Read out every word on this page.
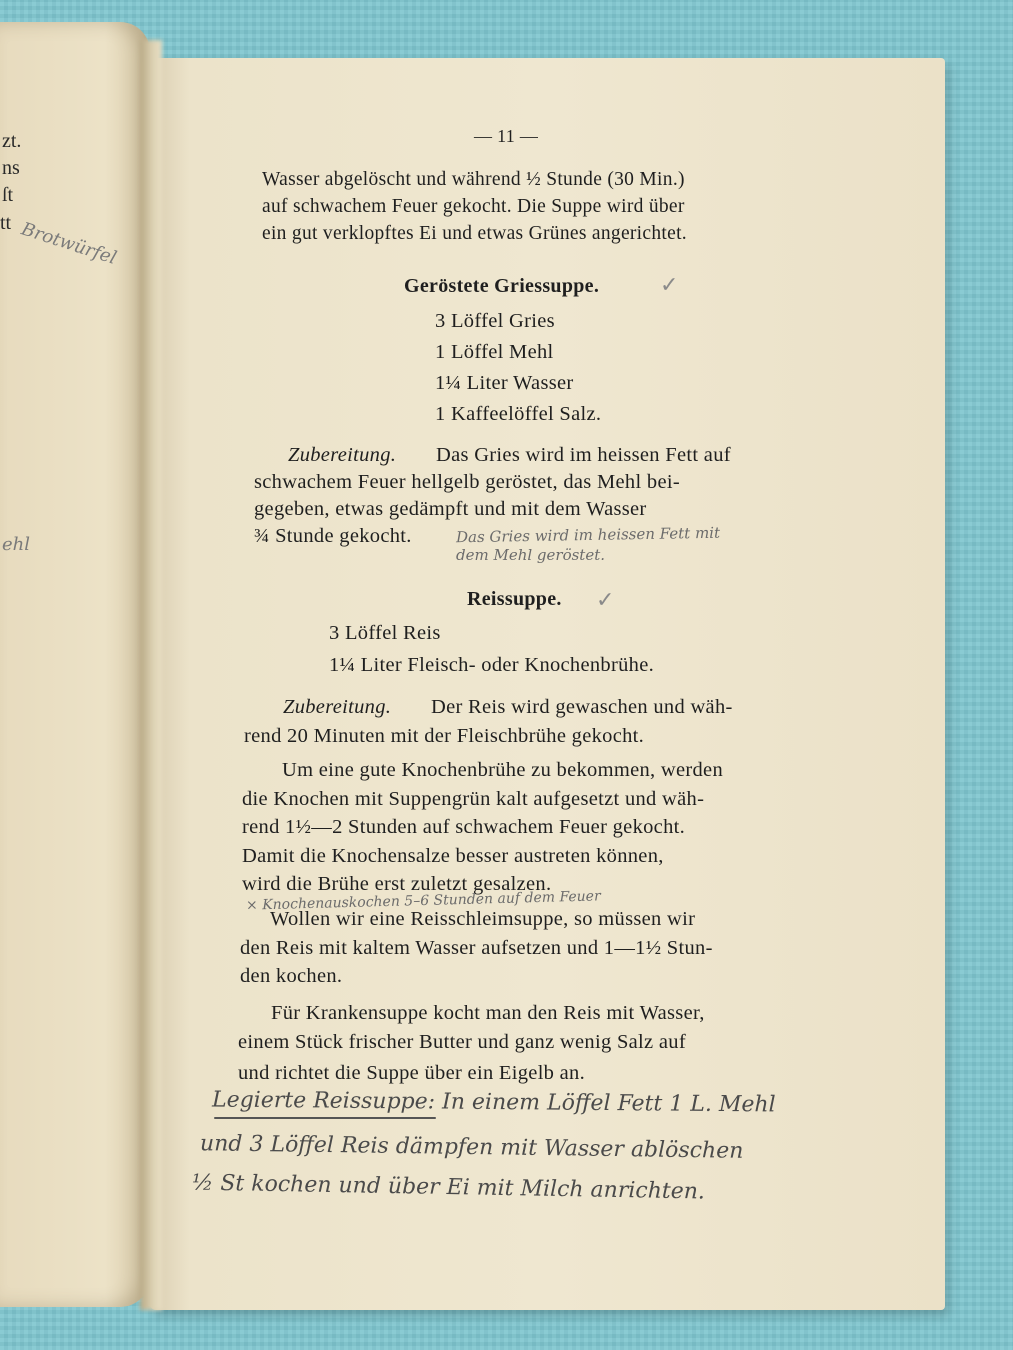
zt.
ns
ſt
tt Brotwürfel
ehl
— 11 —
Wasser abgelöscht und während ½ Stunde (30 Min.)
auf schwachem Feuer gekocht. Die Suppe wird über
ein gut verklopftes Ei und etwas Grünes angerichtet.
Geröstete Griessuppe.	✓
3 Löffel Gries
1 Löffel Mehl
1¼ Liter Wasser
1 Kaffeelöffel Salz.
Zubereitung. Das Gries wird im heissen Fett auf
schwachem Feuer hellgelb geröstet, das Mehl bei-
gegeben, etwas gedämpft und mit dem Wasser
¾ Stunde gekocht.	Das Gries wird im heissen Fett mit
dem Mehl geröstet.
Reissuppe. ✓
3 Löffel Reis
1¼ Liter Fleisch- oder Knochenbrühe.
Zubereitung. Der Reis wird gewaschen und wäh-
rend 20 Minuten mit der Fleischbrühe gekocht.
Um eine gute Knochenbrühe zu bekommen, werden
die Knochen mit Suppengrün kalt aufgesetzt und wäh-
rend 1½—2 Stunden auf schwachem Feuer gekocht.
Damit die Knochensalze besser austreten können,
wird die Brühe erst zuletzt gesalzen.
× Knochenauskochen 5–6 Stunden auf dem Feuer
Wollen wir eine Reisschleimsuppe, so müssen wir
den Reis mit kaltem Wasser aufsetzen und 1—1½ Stun-
den kochen.
Für Krankensuppe kocht man den Reis mit Wasser,
einem Stück frischer Butter und ganz wenig Salz auf
und richtet die Suppe über ein Eigelb an.
Legierte Reissuppe: In einem Löffel Fett 1 L. Mehl
und 3 Löffel Reis dämpfen mit Wasser ablöschen
½ St kochen und über Ei mit Milch anrichten.
